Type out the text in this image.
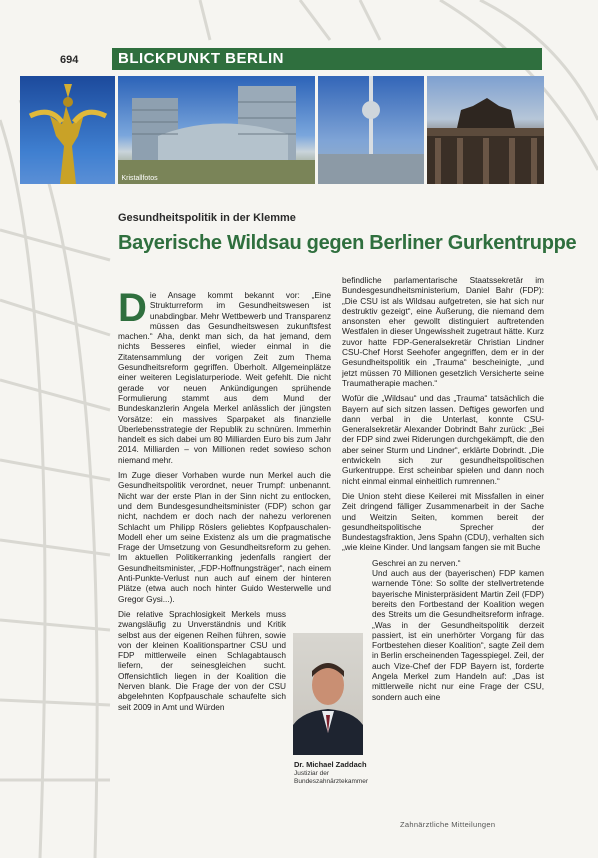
694	BLICKPUNKT BERLIN
Kristallfotos
Gesundheitspolitik in der Klemme
Bayerische Wildsau gegen Berliner Gurkentruppe

Die Ansage kommt bekannt vor: „Eine Strukturreform im Gesundheitswesen ist unabdingbar. Mehr Wettbewerb und Transparenz müssen das Gesundheitswesen zukunftsfest machen.“ Aha, denkt man sich, da hat jemand, dem nichts Besseres einfiel, wieder einmal in die Zitatensammlung der vorigen Zeit zum Thema Gesundheitsreform gegriffen. Überholt. Allgemeinplätze einer weiteren Legislaturperiode. Weit gefehlt. Die nicht gerade vor neuen Ankündigungen sprühende Formulierung stammt aus dem Mund der Bundeskanzlerin Angela Merkel anlässlich der jüngsten Vorsätze: ein massives Sparpaket als finanzielle Überlebensstrategie der Republik zu schnüren. Immerhin handelt es sich dabei um 80 Milliarden Euro bis zum Jahr 2014. Milliarden – von Millionen redet sowieso schon niemand mehr.

Im Zuge dieser Vorhaben wurde nun Merkel auch die Gesundheitspolitik verordnet, neuer Trumpf: unbenannt. Nicht war der erste Plan in der Sinn nicht zu entlocken, und dem Bundesgesundheitsminister (FDP) schon gar nicht, nachdem er doch nach der nahezu verlorenen Schlacht um Philipp Röslers geliebtes Kopfpauschalen-Modell eher um seine Existenz als um die pragmatische Frage der Umsetzung von Gesundheitsreform zu gehen. Im aktuellen Politikerranking jedenfalls rangiert der Gesundheitsminister, „FDP-Hoffnungsträger“, nach einem Anti-Punkte-Verlust nun auch auf einem der hinteren Plätze (etwa auch noch hinter Guido Westerwelle und Gregor Gysi...).

Die relative Sprachlosigkeit Merkels muss zwangsläufig zu Unverständnis und Kritik selbst aus der eigenen Reihen führen, sowie von der kleinen Koalitionspartner CSU und FDP mittlerweile einen Schlagabtausch liefern, der seinesgleichen sucht. Offensichtlich liegen in der Koalition die Nerven blank. Die Frage der von der CSU abgelehnten Kopfpauschale schaufelte sich seit 2009 in Amt und Würden

befindliche parlamentarische Staatssekretär im Bundesgesundheitsministerium, Daniel Bahr (FDP): „Die CSU ist als Wildsau aufgetreten, sie hat sich nur destruktiv gezeigt“, eine Äußerung, die niemand dem ansonsten eher gewollt distinguiert auftretenden Westfalen in dieser Ungewissheit zugetraut hätte. Kurz zuvor hatte FDP-Generalsekretär Christian Lindner CSU-Chef Horst Seehofer angegriffen, dem er in der Gesundheitspolitik ein „Trauma“ bescheinigte, „und jetzt müssen 70 Millionen gesetzlich Versicherte seine Traumatherapie machen.“

Wofür die „Wildsau“ und das „Trauma“ tatsächlich die Bayern auf sich sitzen lassen. Deftiges geworfen und dann verbal in die Unterlast, konnte CSU-Generalsekretär Alexander Dobrindt Bahr zurück: „Bei der FDP sind zwei Riderungen durchgekämpft, die den aber seiner Sturm und Lindner“, erklärte Dobrindt. „Die entwickeln sich zur gesundheitspolitischen Gurkentruppe. Erst scheinbar spielen und dann noch nicht einmal einmal einheitlich rumrennen.“

Die Union steht diese Keilerei mit Missfallen in einer Zeit dringend fälliger Zusammenarbeit in der Sache und Weitzin Seiten, kommen bereit der gesundheitspolitische Sprecher der Bundestagsfraktion, Jens Spahn (CDU), verhalten sich „wie kleine Kinder. Und langsam fangen sie mit Buche

Geschrei an zu nerven.“

Und auch aus der (bayerischen) FDP kamen warnende Töne: So sollte der stellvertretende bayerische Ministerpräsident Martin Zeil (FDP) bereits den Fortbestand der Koalition wegen des Streits um die Gesundheitsreform infrage. „Was in der Gesundheitspolitik derzeit passiert, ist ein unerhörter Vorgang für das Fortbestehen dieser Koalition“, sagte Zeil dem in Berlin erscheinenden Tagesspiegel. Zeil, der auch Vize-Chef der FDP Bayern ist, forderte Angela Merkel zum Handeln auf: „Das ist mittlerweile nicht nur eine Frage der CSU, sondern auch eine

Dr. Michael Zaddach
Justiziar der Bundeszahnärztekammer
Zahnärztliche Mitteilungen
